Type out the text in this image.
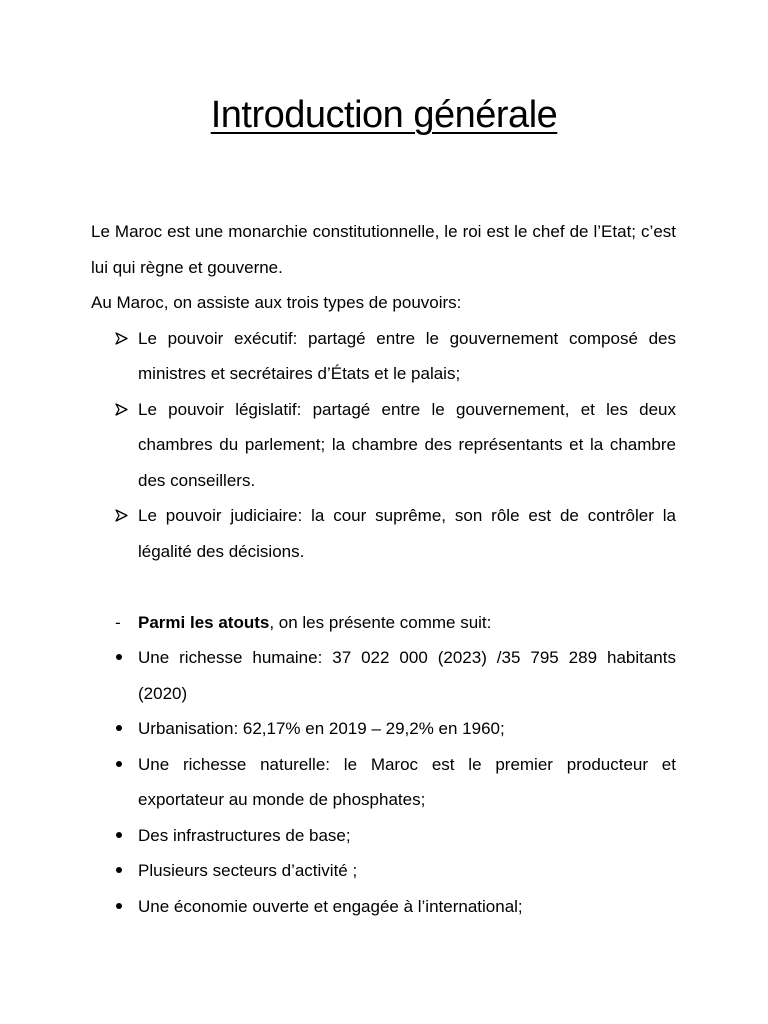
Introduction générale

Le Maroc est une monarchie constitutionnelle, le roi est le chef de l’Etat; c’est lui qui règne et gouverne.

Au Maroc, on assiste aux trois types de pouvoirs:

Le pouvoir exécutif: partagé entre le gouvernement composé des ministres et secrétaires d’États et le palais;
Le pouvoir législatif: partagé entre le gouvernement, et les deux chambres du parlement; la chambre des représentants et la chambre des conseillers.
Le pouvoir judiciaire: la cour suprême, son rôle est de contrôler la légalité des décisions.
-	Parmi les atouts, on les présente comme suit:
Une richesse humaine: 37 022 000 (2023) /35 795 289 habitants (2020)
Urbanisation: 62,17% en 2019 – 29,2% en 1960;
Une richesse naturelle: le Maroc est le premier producteur et exportateur au monde de phosphates;
Des infrastructures de base;
Plusieurs secteurs d’activité ;
Une économie ouverte et engagée à l’international;
